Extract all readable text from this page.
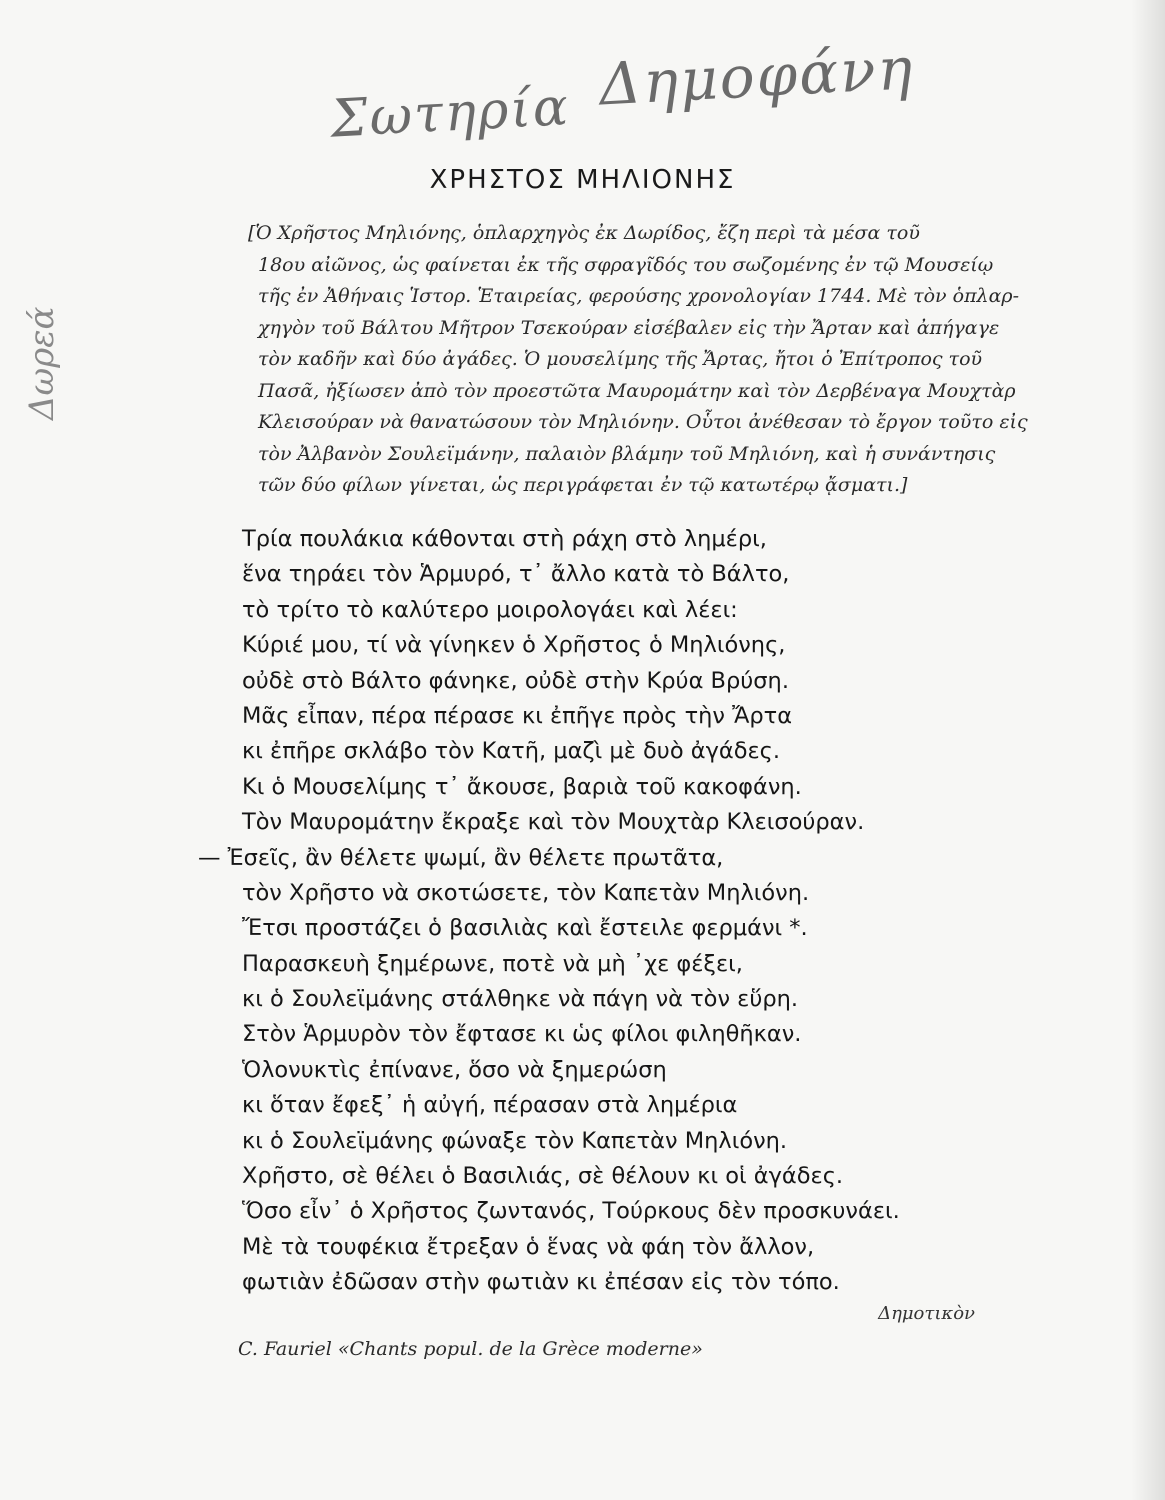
Σωτηρία Δημοφάνη
Δωρεά
ΧΡΗΣΤΟΣ ΜΗΛΙΟΝΗΣ
[Ὁ Χρῆστος Μηλιόνης, ὁπλαρχηγὸς ἐκ Δωρίδος, ἔζη περὶ τὰ μέσα τοῦ
18ου αἰῶνος, ὡς φαίνεται ἐκ τῆς σφραγῖδός του σωζομένης ἐν τῷ Μουσείῳ
τῆς ἐν Ἀθήναις Ἱστορ. Ἑταιρείας, φερούσης χρονολογίαν 1744. Μὲ τὸν ὁπλαρ-
χηγὸν τοῦ Βάλτου Μῆτρον Τσεκούραν εἰσέβαλεν εἰς τὴν Ἄρταν καὶ ἀπήγαγε
τὸν καδῆν καὶ δύο ἀγάδες. Ὁ μουσελίμης τῆς Ἄρτας, ἤτοι ὁ Ἐπίτροπος τοῦ
Πασᾶ, ἠξίωσεν ἀπὸ τὸν προεστῶτα Μαυρομάτην καὶ τὸν Δερβέναγα Μουχτὰρ
Κλεισούραν νὰ θανατώσουν τὸν Μηλιόνην. Οὗτοι ἀνέθεσαν τὸ ἔργον τοῦτο εἰς
τὸν Ἀλβανὸν Σουλεϊμάνην, παλαιὸν βλάμην τοῦ Μηλιόνη, καὶ ἡ συνάντησις
τῶν δύο φίλων γίνεται, ὡς περιγράφεται ἐν τῷ κατωτέρῳ ᾄσματι.]
Τρία πουλάκια κάθονται στὴ ράχη στὸ λημέρι,
ἕνα τηράει τὸν Ἁρμυρό, τ᾽ ἄλλο κατὰ τὸ Βάλτο,
τὸ τρίτο τὸ καλύτερο μοιρολογάει καὶ λέει:
Κύριέ μου, τί νὰ γίνηκεν ὁ Χρῆστος ὁ Μηλιόνης,
οὐδὲ στὸ Βάλτο φάνηκε, οὐδὲ στὴν Κρύα Βρύση.
Μᾶς εἶπαν, πέρα πέρασε κι ἐπῆγε πρὸς τὴν Ἄρτα
κι ἐπῆρε σκλάβο τὸν Κατῆ, μαζὶ μὲ δυὸ ἀγάδες.
Κι ὁ Μουσελίμης τ᾽ ἄκουσε, βαριὰ τοῦ κακοφάνη.
Τὸν Μαυρομάτην ἔκραξε καὶ τὸν Μουχτὰρ Κλεισούραν.
— Ἐσεῖς, ἂν θέλετε ψωμί, ἂν θέλετε πρωτᾶτα,
τὸν Χρῆστο νὰ σκοτώσετε, τὸν Καπετὰν Μηλιόνη.
Ἔτσι προστάζει ὁ βασιλιὰς καὶ ἔστειλε φερμάνι *.
Παρασκευὴ ξημέρωνε, ποτὲ νὰ μὴ ᾿χε φέξει,
κι ὁ Σουλεϊμάνης στάλθηκε νὰ πάγη νὰ τὸν εὕρη.
Στὸν Ἁρμυρὸν τὸν ἔφτασε κι ὡς φίλοι φιληθῆκαν.
Ὁλονυκτὶς ἐπίνανε, ὅσο νὰ ξημερώση
κι ὅταν ἔφεξ᾽ ἡ αὐγή, πέρασαν στὰ λημέρια
κι ὁ Σουλεϊμάνης φώναξε τὸν Καπετὰν Μηλιόνη.
Χρῆστο, σὲ θέλει ὁ Βασιλιάς, σὲ θέλουν κι οἱ ἀγάδες.
Ὅσο εἶν᾽ ὁ Χρῆστος ζωντανός, Τούρκους δὲν προσκυνάει.
Μὲ τὰ τουφέκια ἔτρεξαν ὁ ἕνας νὰ φάη τὸν ἄλλον,
φωτιὰν ἐδῶσαν στὴν φωτιὰν κι ἐπέσαν εἰς τὸν τόπο.
Δημοτικὸν
C. Fauriel «Chants popul. de la Grèce moderne»
